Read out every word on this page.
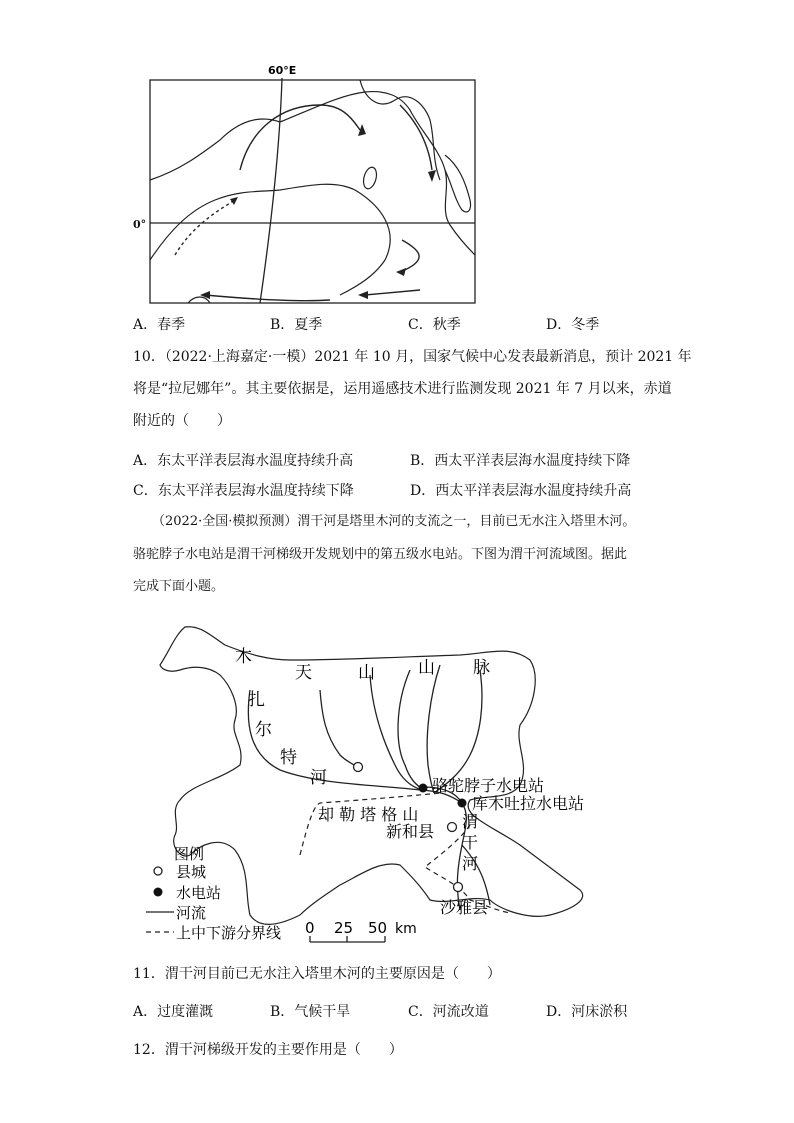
60°E
0°
A．春季	B．夏季	C．秋季	D．冬季
10．（2022·上海嘉定·一模）2021 年 10 月，国家气候中心发表最新消息，预计 2021 年
将是“拉尼娜年”。其主要依据是，运用遥感技术进行监测发现 2021 年 7 月以来，赤道
附近的（　　）
A．东太平洋表层海水温度持续升高	B．西太平洋表层海水温度持续下降
C．东太平洋表层海水温度持续下降	D．西太平洋表层海水温度持续升高
（2022·全国·模拟预测）渭干河是塔里木河的支流之一，目前已无水注入塔里木河。
骆驼脖子水电站是渭干河梯级开发规划中的第五级水电站。下图为渭干河流域图。据此
完成下面小题。
天	山	山 脉
木
扎
尔
特
河
却 勒 塔 格 山
骆驼脖子水电站
库木吐拉水电站
新和县
渭
干
河
沙雅县
图例
县城
水电站
河流
上中下游分界线 0 25 50 km
11．渭干河目前已无水注入塔里木河的主要原因是（　　）
A．过度灌溉	B．气候干旱	C．河流改道	D．河床淤积
12．渭干河梯级开发的主要作用是（　　）
